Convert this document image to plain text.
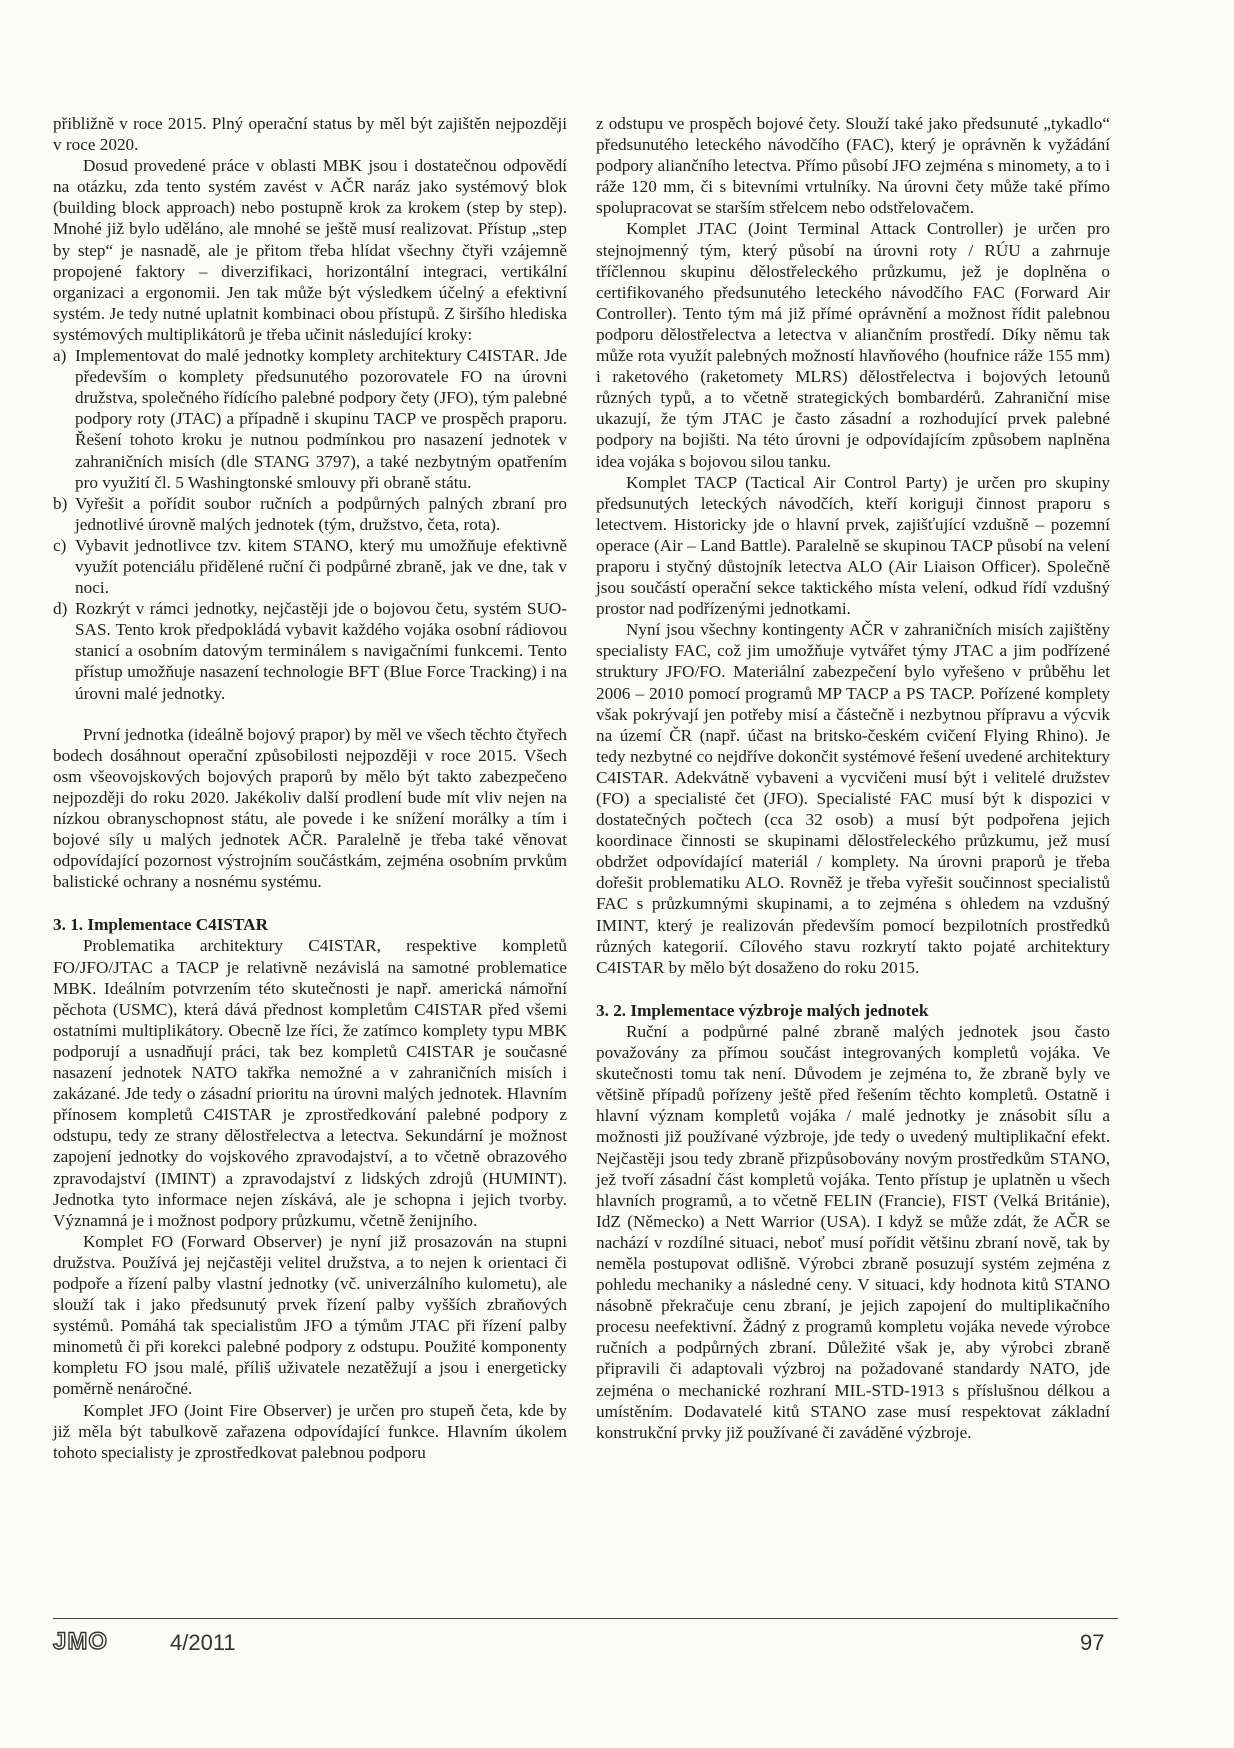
přibližně v roce 2015. Plný operační status by měl být zajištěn nejpozději v roce 2020.

Dosud provedené práce v oblasti MBK jsou i dostatečnou odpovědí na otázku, zda tento systém zavést v AČR naráz jako systémový blok (building block approach) nebo postupně krok za krokem (step by step). Mnohé již bylo uděláno, ale mnohé se ještě musí realizovat. Přístup „step by step“ je nasnadě, ale je přitom třeba hlídat všechny čtyři vzájemně propojené faktory – diverzifikaci, horizontální integraci, vertikální organizaci a ergonomii. Jen tak může být výsledkem účelný a efektivní systém. Je tedy nutné uplatnit kombinaci obou přístupů. Z širšího hlediska systémových multiplikátorů je třeba učinit následující kroky:

a) Implementovat do malé jednotky komplety architektury C4ISTAR. Jde především o komplety předsunutého pozorovatele FO na úrovni družstva, společného řídícího palebné podpory čety (JFO), tým palebné podpory roty (JTAC) a případně i skupinu TACP ve prospěch praporu. Řešení tohoto kroku je nutnou podmínkou pro nasazení jednotek v zahraničních misích (dle STANG 3797), a také nezbytným opatřením pro využití čl. 5 Washingtonské smlouvy při obraně státu.
b) Vyřešit a pořídit soubor ručních a podpůrných palných zbraní pro jednotlivé úrovně malých jednotek (tým, družstvo, četa, rota).
c) Vybavit jednotlivce tzv. kitem STANO, který mu umožňuje efektivně využít potenciálu přidělené ruční či podpůrné zbraně, jak ve dne, tak v noci.
d) Rozkrýt v rámci jednotky, nejčastěji jde o bojovou četu, systém SUO-SAS. Tento krok předpokládá vybavit každého vojáka osobní rádiovou stanicí a osobním datovým terminálem s navigačními funkcemi. Tento přístup umožňuje nasazení technologie BFT (Blue Force Tracking) i na úrovni malé jednotky.

První jednotka (ideálně bojový prapor) by měl ve všech těchto čtyřech bodech dosáhnout operační způsobilosti nejpozději v roce 2015. Všech osm všeovojskových bojových praporů by mělo být takto zabezpečeno nejpozději do roku 2020. Jakékoliv další prodlení bude mít vliv nejen na nízkou obranyschopnost státu, ale povede i ke snížení morálky a tím i bojové síly u malých jednotek AČR. Paralelně je třeba také věnovat odpovídající pozornost výstrojním součástkám, zejména osobním prvkům balistické ochrany a nosnému systému.

3. 1. Implementace C4ISTAR

Problematika architektury C4ISTAR, respektive kompletů FO/JFO/JTAC a TACP je relativně nezávislá na samotné problematice MBK. Ideálním potvrzením této skutečnosti je např. americká námořní pěchota (USMC), která dává přednost kompletům C4ISTAR před všemi ostatními multiplikátory. Obecně lze říci, že zatímco komplety typu MBK podporují a usnadňují práci, tak bez kompletů C4ISTAR je současné nasazení jednotek NATO takřka nemožné a v zahraničních misích i zakázané. Jde tedy o zásadní prioritu na úrovni malých jednotek. Hlavním přínosem kompletů C4ISTAR je zprostředkování palebné podpory z odstupu, tedy ze strany dělostřelectva a letectva. Sekundární je možnost zapojení jednotky do vojskového zpravodajství, a to včetně obrazového zpravodajství (IMINT) a zpravodajství z lidských zdrojů (HUMINT). Jednotka tyto informace nejen získává, ale je schopna i jejich tvorby. Významná je i možnost podpory průzkumu, včetně ženijního.

Komplet FO (Forward Observer) je nyní již prosazován na stupni družstva. Používá jej nejčastěji velitel družstva, a to nejen k orientaci či podpoře a řízení palby vlastní jednotky (vč. univerzálního kulometu), ale slouží tak i jako předsunutý prvek řízení palby vyšších zbraňových systémů. Pomáhá tak specialistům JFO a týmům JTAC při řízení palby minometů či při korekci palebné podpory z odstupu. Použité komponenty kompletu FO jsou malé, příliš uživatele nezatěžují a jsou i energeticky poměrně nenáročné.

Komplet JFO (Joint Fire Observer) je určen pro stupeň četa, kde by již měla být tabulkově zařazena odpovídající funkce. Hlavním úkolem tohoto specialisty je zprostředkovat palebnou podporu

z odstupu ve prospěch bojové čety. Slouží také jako předsunuté „tykadlo“ předsunutého leteckého návodčího (FAC), který je oprávněn k vyžádání podpory aliančního letectva. Přímo působí JFO zejména s minomety, a to i ráže 120 mm, či s bitevními vrtulníky. Na úrovni čety může také přímo spolupracovat se starším střelcem nebo odstřelovačem.

Komplet JTAC (Joint Terminal Attack Controller) je určen pro stejnojmenný tým, který působí na úrovni roty / RÚU a zahrnuje tříčlennou skupinu dělostřeleckého průzkumu, jež je doplněna o certifikovaného předsunutého leteckého návodčího FAC (Forward Air Controller). Tento tým má již přímé oprávnění a možnost řídit palebnou podporu dělostřelectva a letectva v aliančním prostředí. Díky němu tak může rota využít palebných možností hlavňového (houfnice ráže 155 mm) i raketového (raketomety MLRS) dělostřelectva i bojových letounů různých typů, a to včetně strategických bombardérů. Zahraniční mise ukazují, že tým JTAC je často zásadní a rozhodující prvek palebné podpory na bojišti. Na této úrovni je odpovídajícím způsobem naplněna idea vojáka s bojovou silou tanku.

Komplet TACP (Tactical Air Control Party) je určen pro skupiny předsunutých leteckých návodčích, kteří koriguji činnost praporu s letectvem. Historicky jde o hlavní prvek, zajišťující vzdušně – pozemní operace (Air – Land Battle). Paralelně se skupinou TACP působí na velení praporu i styčný důstojník letectva ALO (Air Liaison Officer). Společně jsou součástí operační sekce taktického místa velení, odkud řídí vzdušný prostor nad podřízenými jednotkami.

Nyní jsou všechny kontingenty AČR v zahraničních misích zajištěny specialisty FAC, což jim umožňuje vytvářet týmy JTAC a jim podřízené struktury JFO/FO. Materiální zabezpečení bylo vyřešeno v průběhu let 2006 – 2010 pomocí programů MP TACP a PS TACP. Pořízené komplety však pokrývají jen potřeby misí a částečně i nezbytnou přípravu a výcvik na území ČR (např. účast na britsko-českém cvičení Flying Rhino). Je tedy nezbytné co nejdříve dokončit systémové řešení uvedené architektury C4ISTAR. Adekvátně vybaveni a vycvičeni musí být i velitelé družstev (FO) a specialisté čet (JFO). Specialisté FAC musí být k dispozici v dostatečných počtech (cca 32 osob) a musí být podpořena jejich koordinace činnosti se skupinami dělostřeleckého průzkumu, jež musí obdržet odpovídající materiál / komplety. Na úrovni praporů je třeba dořešit problematiku ALO. Rovněž je třeba vyřešit součinnost specialistů FAC s průzkumnými skupinami, a to zejména s ohledem na vzdušný IMINT, který je realizován především pomocí bezpilotních prostředků různých kategorií. Cílového stavu rozkrytí takto pojaté architektury C4ISTAR by mělo být dosaženo do roku 2015.

3. 2. Implementace výzbroje malých jednotek

Ruční a podpůrné palné zbraně malých jednotek jsou často považovány za přímou součást integrovaných kompletů vojáka. Ve skutečnosti tomu tak není. Důvodem je zejména to, že zbraně byly ve většině případů pořízeny ještě před řešením těchto kompletů. Ostatně i hlavní význam kompletů vojáka / malé jednotky je znásobit sílu a možnosti již používané výzbroje, jde tedy o uvedený multiplikační efekt. Nejčastěji jsou tedy zbraně přizpůsobovány novým prostředkům STANO, jež tvoří zásadní část kompletů vojáka. Tento přístup je uplatněn u všech hlavních programů, a to včetně FELIN (Francie), FIST (Velká Británie), IdZ (Německo) a Nett Warrior (USA). I když se může zdát, že AČR se nachází v rozdílné situaci, neboť musí pořídit většinu zbraní nově, tak by neměla postupovat odlišně. Výrobci zbraně posuzují systém zejména z pohledu mechaniky a následné ceny. V situaci, kdy hodnota kitů STANO násobně překračuje cenu zbraní, je jejich zapojení do multiplikačního procesu neefektivní. Žádný z programů kompletu vojáka nevede výrobce ručních a podpůrných zbraní. Důležité však je, aby výrobci zbraně připravili či adaptovali výzbroj na požadované standardy NATO, jde zejména o mechanické rozhraní MIL-STD-1913 s příslušnou délkou a umístěním. Dodavatelé kitů STANO zase musí respektovat základní konstrukční prvky již používané či zaváděné výzbroje.

JMO	4/2011	97
